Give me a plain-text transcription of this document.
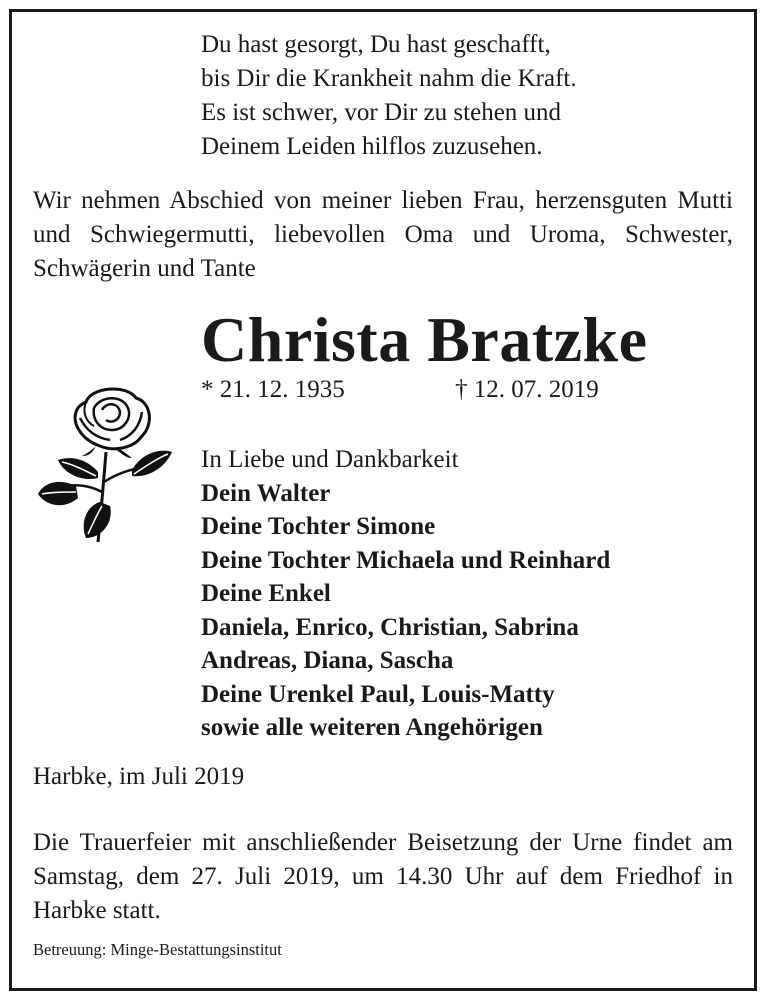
Du hast gesorgt, Du hast geschafft,
bis Dir die Krankheit nahm die Kraft.
Es ist schwer, vor Dir zu stehen und
Deinem Leiden hilflos zuzusehen.
Wir nehmen Abschied von meiner lieben Frau, herzensguten Mutti und Schwiegermutti, liebevollen Oma und Uroma, Schwester, Schwägerin und Tante
Christa Bratzke
* 21. 12. 1935	† 12. 07. 2019
In Liebe und Dankbarkeit
Dein Walter
Deine Tochter Simone
Deine Tochter Michaela und Reinhard
Deine Enkel
Daniela, Enrico, Christian, Sabrina
Andreas, Diana, Sascha
Deine Urenkel Paul, Louis-Matty
sowie alle weiteren Angehörigen
Harbke, im Juli 2019
Die Trauerfeier mit anschließender Beisetzung der Urne findet am Samstag, dem 27. Juli 2019, um 14.30 Uhr auf dem Friedhof in Harbke statt.
Betreuung: Minge-Bestattungsinstitut
